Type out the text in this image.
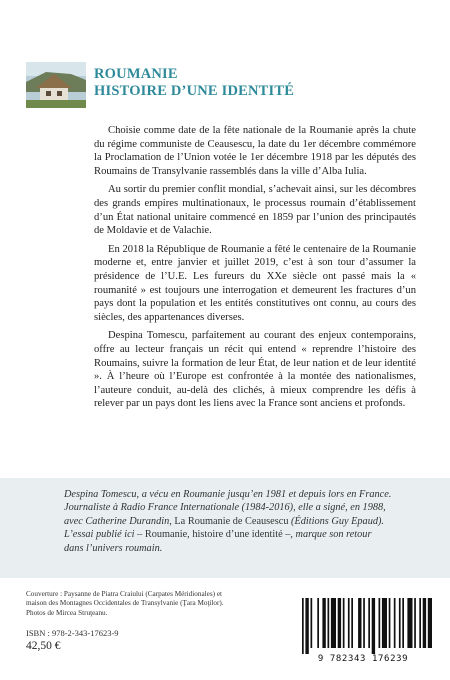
ROUMANIE
HISTOIRE D’UNE IDENTITÉ

Choisie comme date de la fête nationale de la Roumanie après la chute du régime communiste de Ceausescu, la date du 1er décembre commémore la Proclamation de l’Union votée le 1er décembre 1918 par les députés des Roumains de Transylvanie rassemblés dans la ville d’Alba Iulia.

Au sortir du premier conflit mondial, s’achevait ainsi, sur les décombres des grands empires multinationaux, le processus roumain d’établissement d’un État national unitaire commencé en 1859 par l’union des principautés de Moldavie et de Valachie.

En 2018 la République de Roumanie a fêté le centenaire de la Roumanie moderne et, entre janvier et juillet 2019, c’est à son tour d’assumer la présidence de l’U.E. Les fureurs du XXe siècle ont passé mais la « roumanité » est toujours une interrogation et demeurent les fractures d’un pays dont la population et les entités constitutives ont connu, au cours des siècles, des appartenances diverses.

Despina Tomescu, parfaitement au courant des enjeux contemporains, offre au lecteur français un récit qui entend « reprendre l’histoire des Roumains, suivre la formation de leur État, de leur nation et de leur identité ». À l’heure où l’Europe est confrontée à la montée des nationalismes, l’auteure conduit, au-delà des clichés, à mieux comprendre les défis à relever par un pays dont les liens avec la France sont anciens et profonds.

Despina Tomescu, a vécu en Roumanie jusqu’en 1981 et depuis lors en France. Journaliste à Radio France Internationale (1984-2016), elle a signé, en 1988, avec Catherine Durandin, La Roumanie de Ceausescu (Éditions Guy Epaud). L’essai publié ici – Roumanie, histoire d’une identité –, marque son retour dans l’univers roumain.
Couverture : Paysanne de Piatra Craiului (Carpates Méridionales) et maison des Montagnes Occidentales de Transylvanie (Ţara Moţilor). Photos de Mircea Struţeanu.
ISBN : 978-2-343-17623-9
42,50 €
9 782343 176239
